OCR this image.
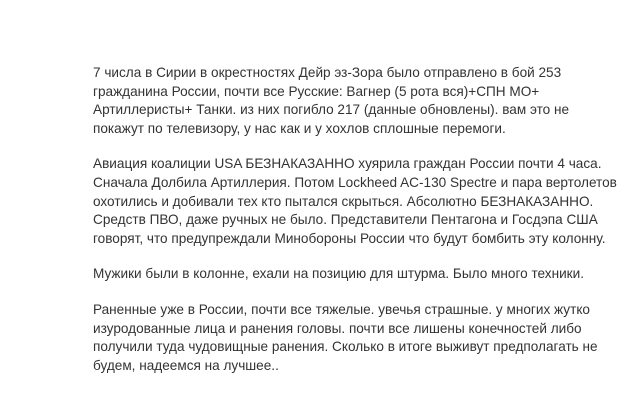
7 числа в Сирии в окрестностях Дейр эз-Зора было отправлено в бой 253
гражданина России, почти все Русские: Вагнер (5 рота вся)+СПН МО+
Артиллеристы+ Танки. из них погибло 217 (данные обновлены). вам это не
покажут по телевизору, у нас как и у хохлов сплошные перемоги.

Авиация коалиции USA БЕЗНАКАЗАННО хуярила граждан России почти 4 часа.
Сначала Долбила Артиллерия. Потом Lockheed AC-130 Spectre и пара вертолетов
охотились и добивали тех кто пытался скрыться. Абсолютно БЕЗНАКАЗАННО.
Средств ПВО, даже ручных не было. Представители Пентагона и Госдэпа США
говорят, что предупреждали Минобороны России что будут бомбить эту колонну.

Мужики были в колонне, ехали на позицию для штурма. Было много техники.

Раненные уже в России, почти все тяжелые. увечья страшные. у многих жутко
изуродованные лица и ранения головы. почти все лишены конечностей либо
получили туда чудовищные ранения. Сколько в итоге выживут предполагать не
будем, надеемся на лучшее..
